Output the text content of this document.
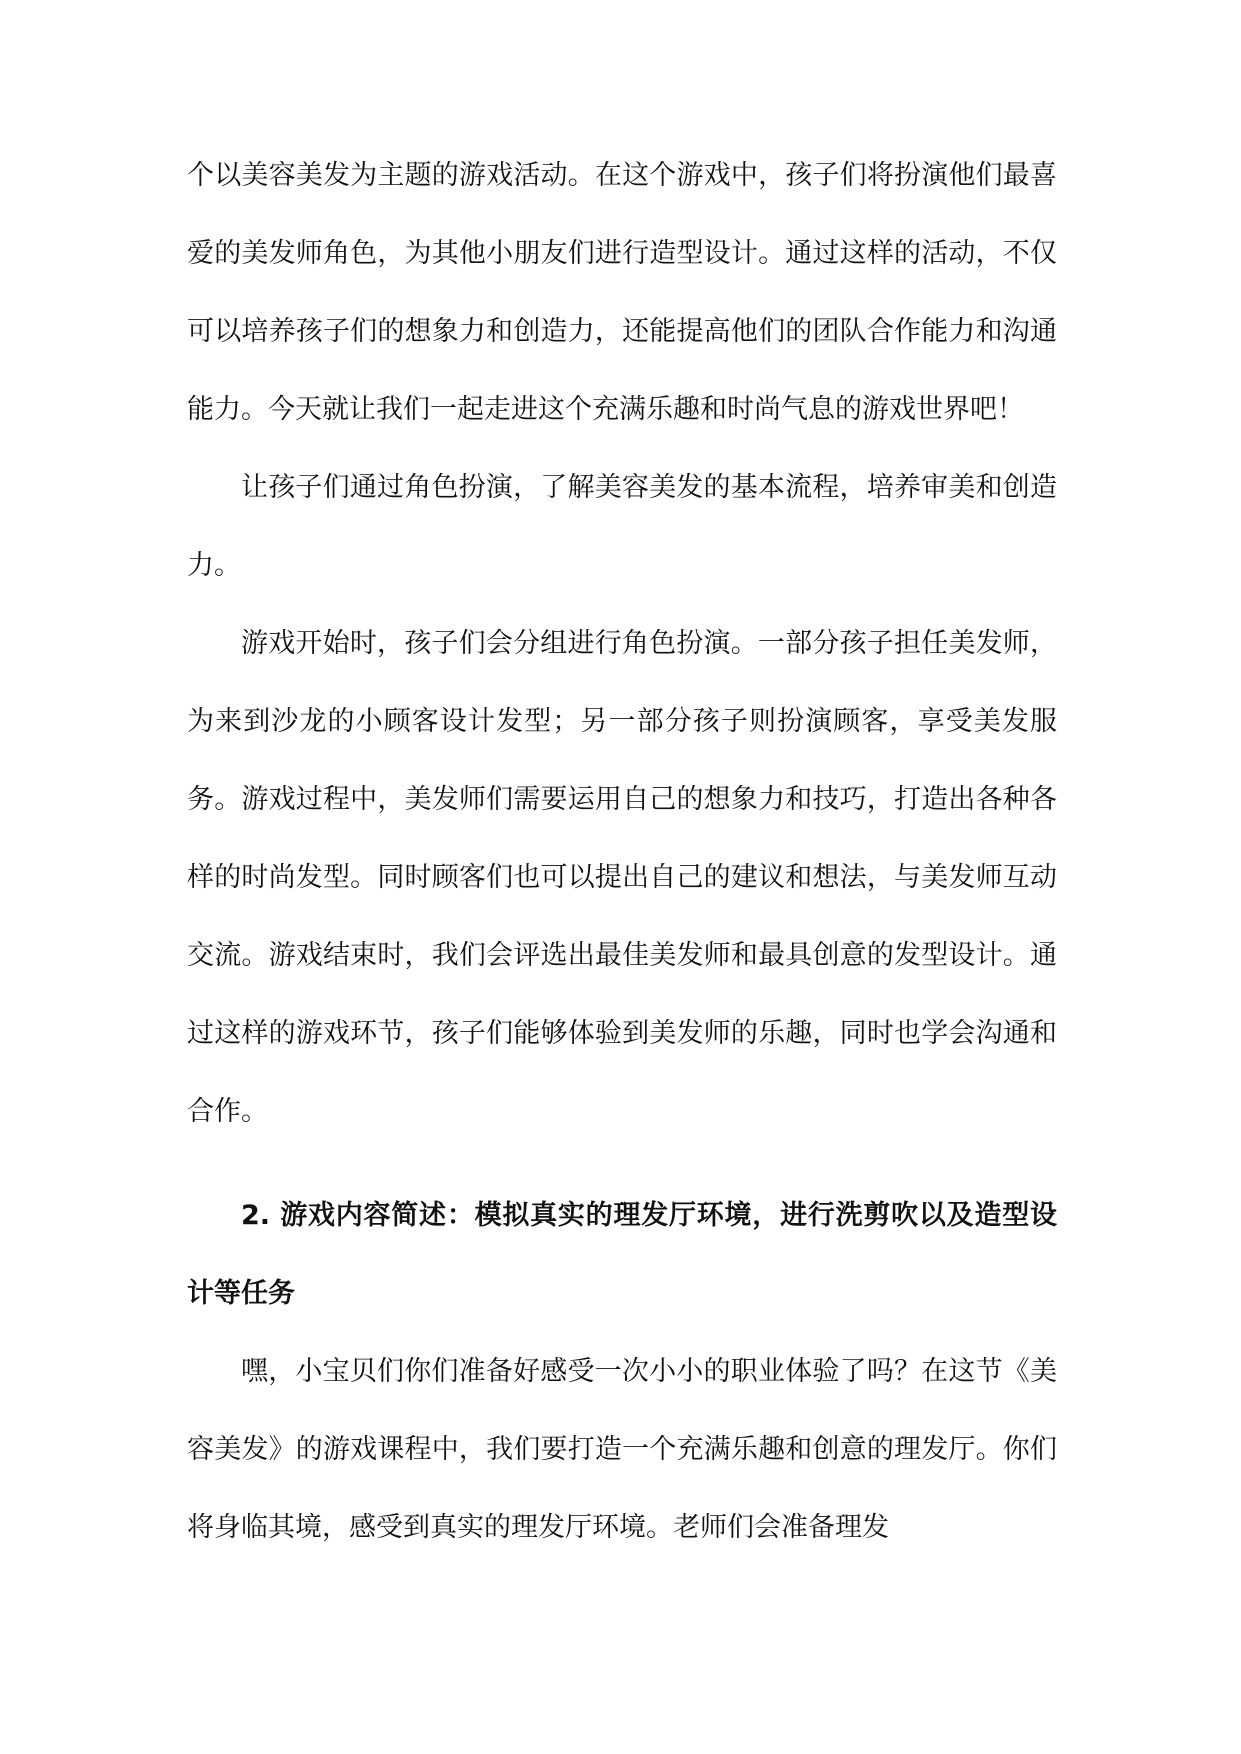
个以美容美发为主题的游戏活动。在这个游戏中，孩子们将扮演他们最喜爱的美发师角色，为其他小朋友们进行造型设计。通过这样的活动，不仅可以培养孩子们的想象力和创造力，还能提高他们的团队合作能力和沟通能力。今天就让我们一起走进这个充满乐趣和时尚气息的游戏世界吧！

让孩子们通过角色扮演，了解美容美发的基本流程，培养审美和创造力。

游戏开始时，孩子们会分组进行角色扮演。一部分孩子担任美发师，为来到沙龙的小顾客设计发型；另一部分孩子则扮演顾客，享受美发服务。游戏过程中，美发师们需要运用自己的想象力和技巧，打造出各种各样的时尚发型。同时顾客们也可以提出自己的建议和想法，与美发师互动交流。游戏结束时，我们会评选出最佳美发师和最具创意的发型设计。通过这样的游戏环节，孩子们能够体验到美发师的乐趣，同时也学会沟通和合作。

2. 游戏内容简述：模拟真实的理发厅环境，进行洗剪吹以及造型设计等任务

嘿，小宝贝们你们准备好感受一次小小的职业体验了吗？在这节《美容美发》的游戏课程中，我们要打造一个充满乐趣和创意的理发厅。你们将身临其境，感受到真实的理发厅环境。老师们会准备理发
